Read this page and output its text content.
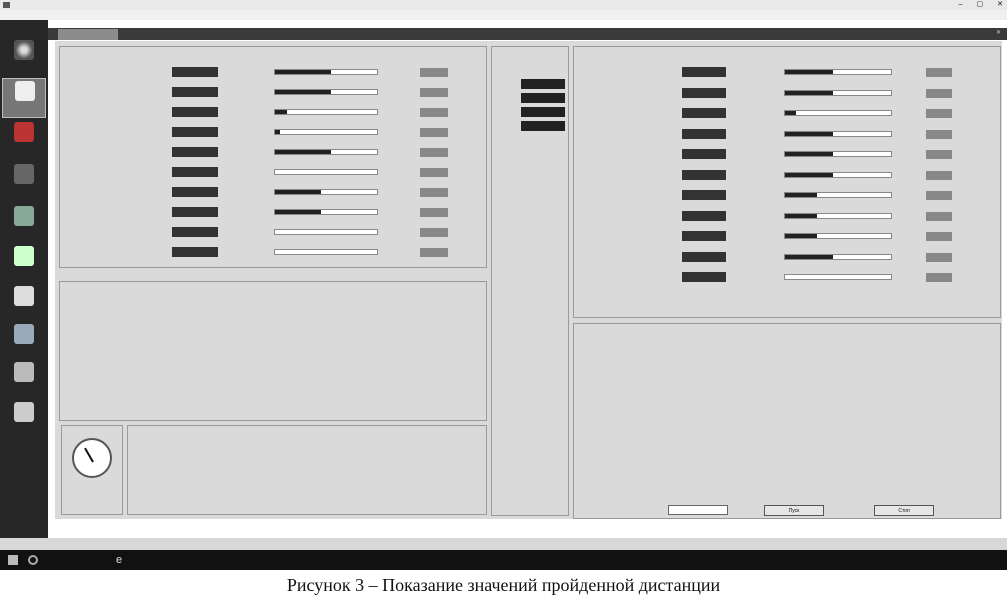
– ▢ ✕
✕
Пуск	Стоп
e
Рисунок 3 – Показание значений пройденной дистанции
